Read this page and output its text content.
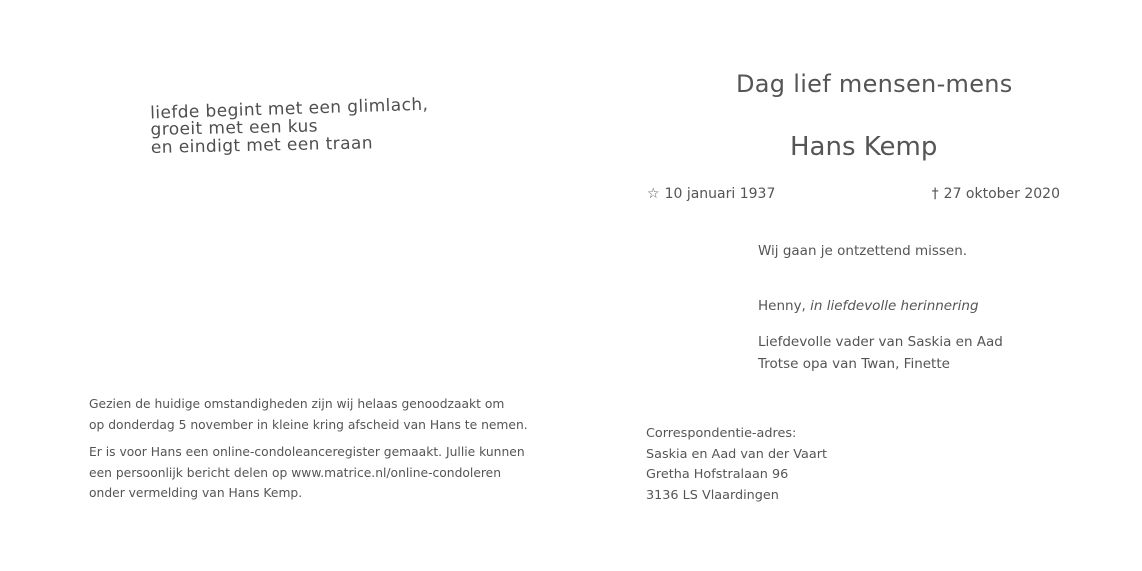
liefde begint met een glimlach,
groeit met een kus
en eindigt met een traan

Gezien de huidige omstandigheden zijn wij helaas genoodzaakt om
op donderdag 5 november in kleine kring afscheid van Hans te nemen.

Er is voor Hans een online-condoleanceregister gemaakt. Jullie kunnen
een persoonlijk bericht delen op www.matrice.nl/online-condoleren
onder vermelding van Hans Kemp.

Dag lief mensen-mens
Hans Kemp
☆ 10 januari 1937	† 27 oktober 2020
Wij gaan je ontzettend missen.
Henny, in liefdevolle herinnering
Liefdevolle vader van Saskia en Aad
Trotse opa van Twan, Finette
Correspondentie-adres:
Saskia en Aad van der Vaart
Gretha Hofstralaan 96
3136 LS Vlaardingen
